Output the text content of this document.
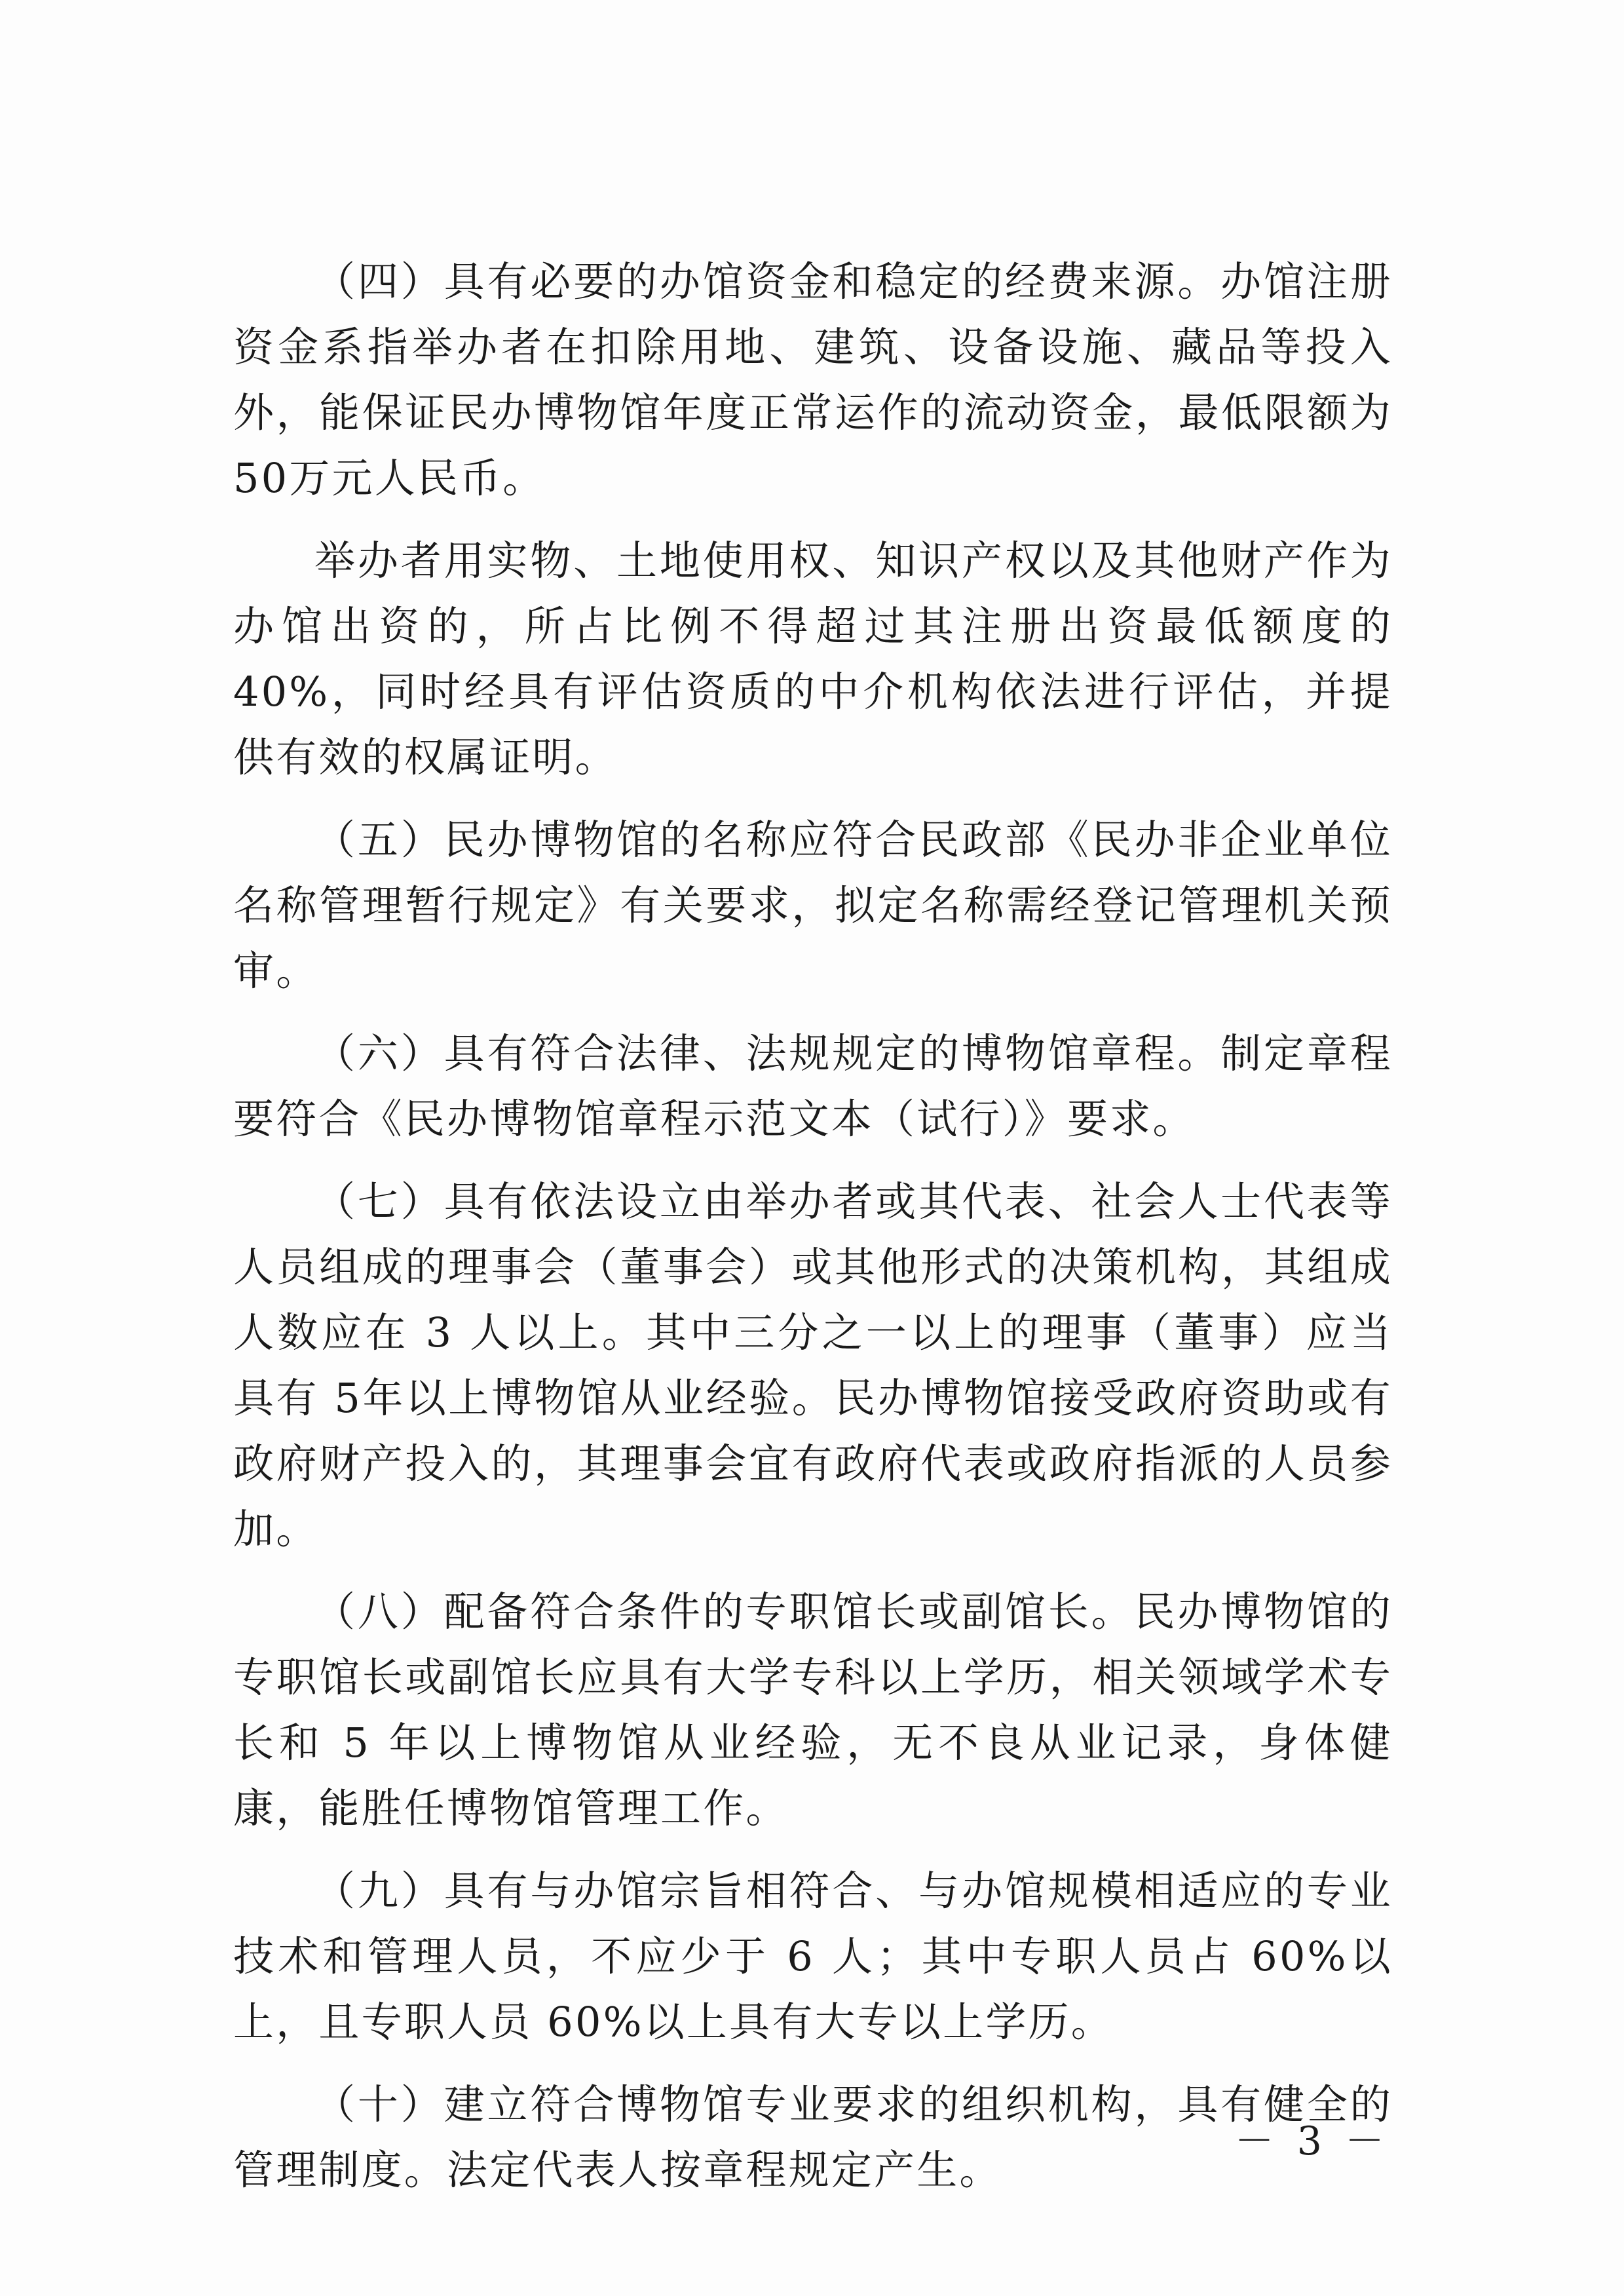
（四）具有必要的办馆资金和稳定的经费来源。办馆注册资金系指举办者在扣除用地、建筑、设备设施、藏品等投入外，能保证民办博物馆年度正常运作的流动资金，最低限额为 50万元人民币。

举办者用实物、土地使用权、知识产权以及其他财产作为办馆出资的，所占比例不得超过其注册出资最低额度的 40%，同时经具有评估资质的中介机构依法进行评估，并提供有效的权属证明。

（五）民办博物馆的名称应符合民政部《民办非企业单位名称管理暂行规定》有关要求，拟定名称需经登记管理机关预审。

（六）具有符合法律、法规规定的博物馆章程。制定章程要符合《民办博物馆章程示范文本（试行）》要求。

（七）具有依法设立由举办者或其代表、社会人士代表等人员组成的理事会（董事会）或其他形式的决策机构，其组成人数应在 3 人以上。其中三分之一以上的理事（董事）应当具有 5年以上博物馆从业经验。民办博物馆接受政府资助或有政府财产投入的，其理事会宜有政府代表或政府指派的人员参加。

（八）配备符合条件的专职馆长或副馆长。民办博物馆的专职馆长或副馆长应具有大学专科以上学历，相关领域学术专长和 5 年以上博物馆从业经验，无不良从业记录，身体健康，能胜任博物馆管理工作。

（九）具有与办馆宗旨相符合、与办馆规模相适应的专业技术和管理人员，不应少于 6 人；其中专职人员占 60%以上，且专职人员 60%以上具有大专以上学历。

（十）建立符合博物馆专业要求的组织机构，具有健全的管理制度。法定代表人按章程规定产生。

－ 3 －
